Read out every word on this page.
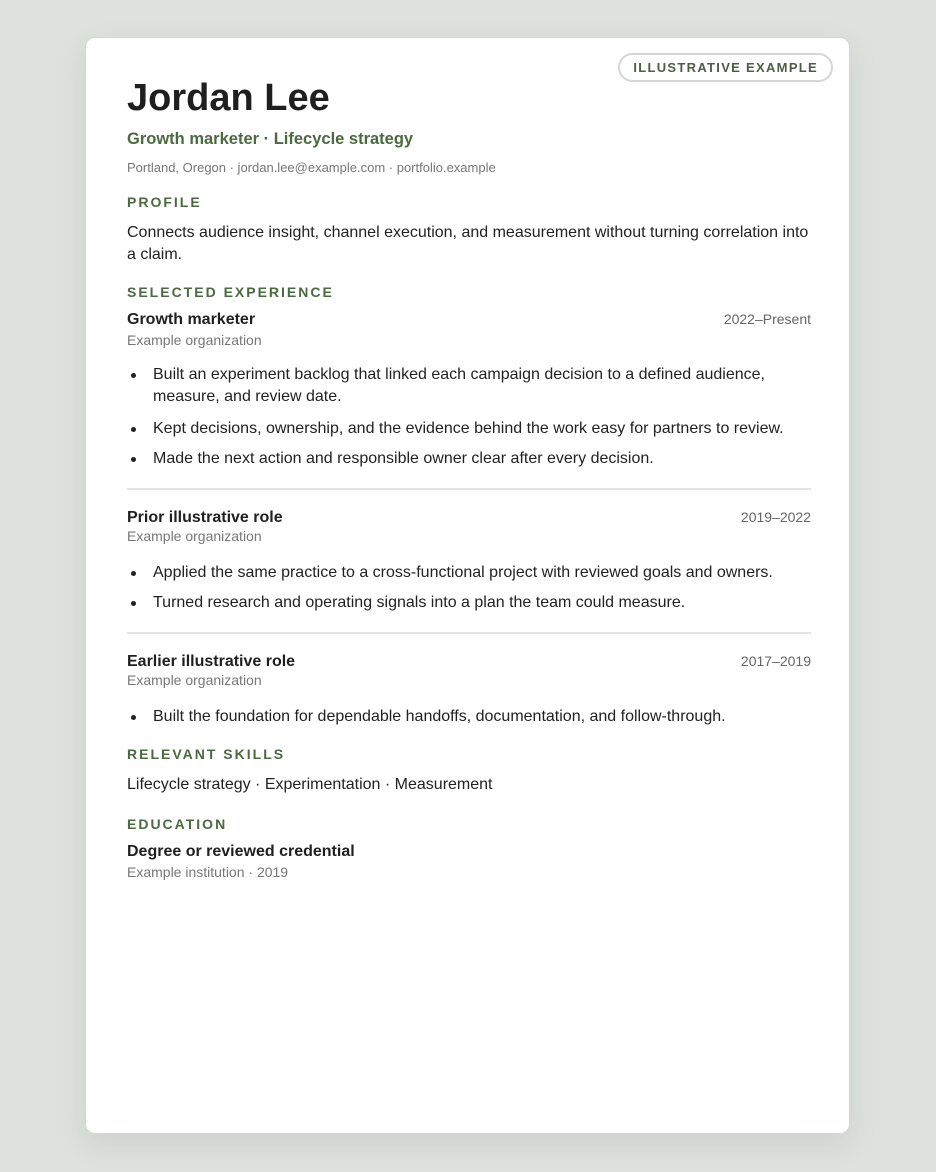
ILLUSTRATIVE EXAMPLE
Jordan Lee
Growth marketer · Lifecycle strategy
Portland, Oregon · jordan.lee@example.com · portfolio.example
PROFILE
Connects audience insight, channel execution, and measurement without turning correlation into a claim.
SELECTED EXPERIENCE
Growth marketer	2022–Present
Example organization
Built an experiment backlog that linked each campaign decision to a defined audience, measure, and review date.
Kept decisions, ownership, and the evidence behind the work easy for partners to review.
Made the next action and responsible owner clear after every decision.
Prior illustrative role	2019–2022
Example organization
Applied the same practice to a cross-functional project with reviewed goals and owners.
Turned research and operating signals into a plan the team could measure.
Earlier illustrative role	2017–2019
Example organization
Built the foundation for dependable handoffs, documentation, and follow-through.
RELEVANT SKILLS
Lifecycle strategy · Experimentation · Measurement
EDUCATION
Degree or reviewed credential
Example institution · 2019
